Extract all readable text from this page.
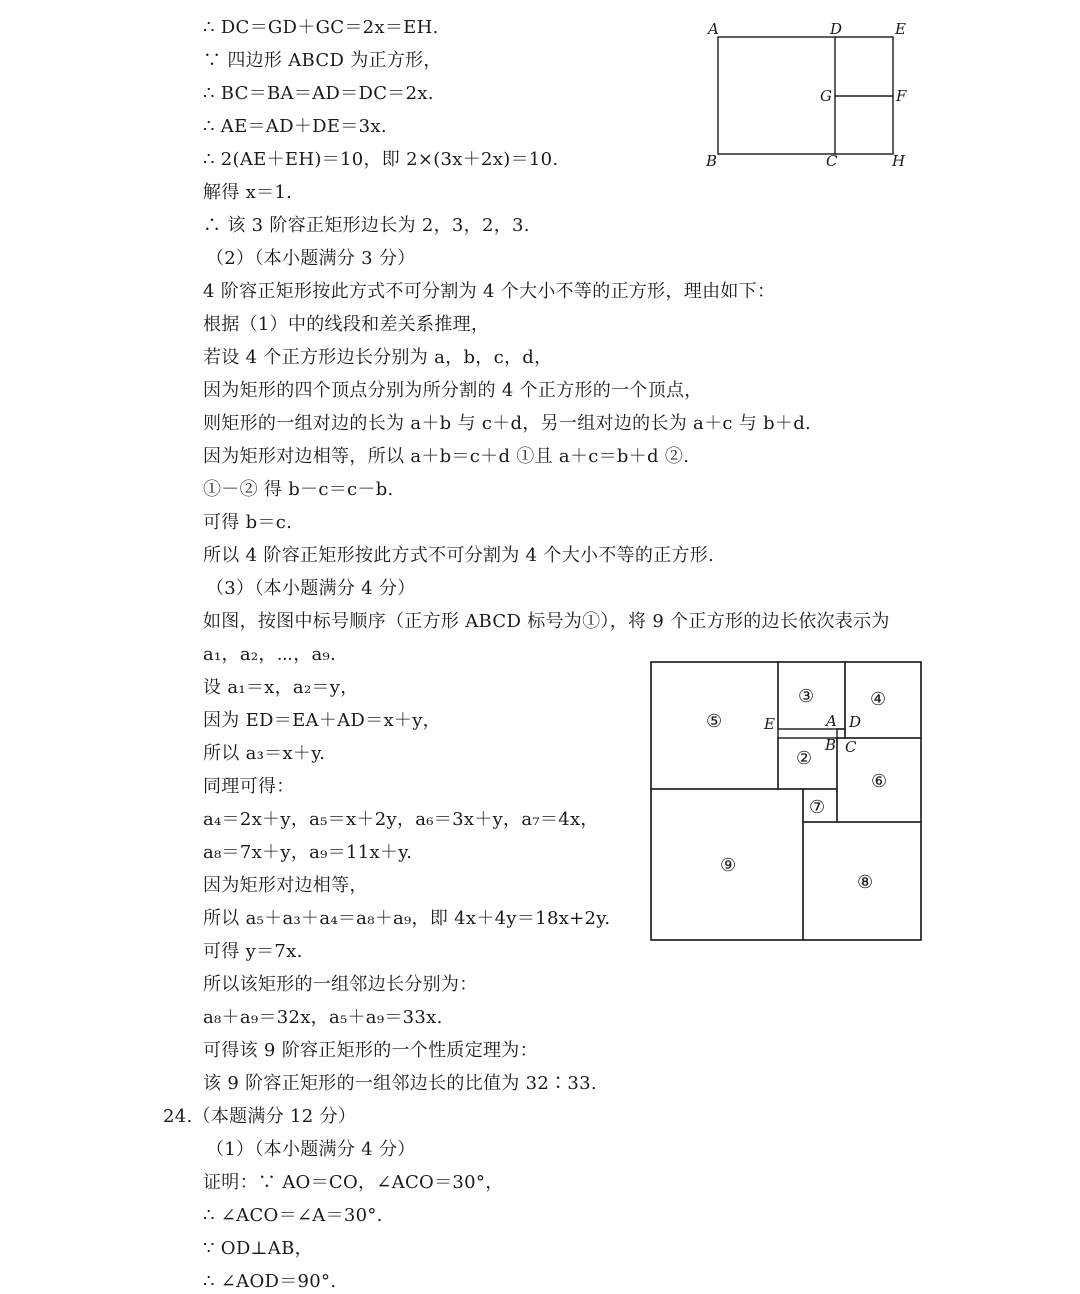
∴ DC＝GD＋GC＝2x＝EH.
∵ 四边形 ABCD 为正方形，
∴ BC＝BA＝AD＝DC＝2x.
∴ AE＝AD＋DE＝3x.
∴ 2(AE＋EH)＝10，即 2×(3x＋2x)＝10.
解得 x＝1.
∴ 该 3 阶容正矩形边长为 2，3，2，3.
（2）（本小题满分 3 分）
4 阶容正矩形按此方式不可分割为 4 个大小不等的正方形，理由如下：
根据（1）中的线段和差关系推理，
若设 4 个正方形边长分别为 a，b，c，d，
因为矩形的四个顶点分别为所分割的 4 个正方形的一个顶点，
则矩形的一组对边的长为 a＋b 与 c＋d，另一组对边的长为 a＋c 与 b＋d.
因为矩形对边相等，所以 a＋b＝c＋d ①且 a＋c＝b＋d ②.
①－② 得 b－c＝c－b.
可得 b＝c.
所以 4 阶容正矩形按此方式不可分割为 4 个大小不等的正方形.
（3）（本小题满分 4 分）
如图，按图中标号顺序（正方形 ABCD 标号为①），将 9 个正方形的边长依次表示为
a₁，a₂，⋯，a₉.
设 a₁＝x，a₂＝y，
因为 ED＝EA＋AD＝x＋y，
所以 a₃＝x＋y.
同理可得：
a₄＝2x＋y，a₅＝x＋2y，a₆＝3x＋y，a₇＝4x，
a₈＝7x＋y，a₉＝11x＋y.
因为矩形对边相等，
所以 a₅＋a₃＋a₄＝a₈＋a₉，即 4x＋4y＝18x+2y.
可得 y＝7x.
所以该矩形的一组邻边长分别为：
a₈＋a₉＝32x，a₅＋a₉＝33x.
可得该 9 阶容正矩形的一个性质定理为：
该 9 阶容正矩形的一组邻边长的比值为 32∶33.
24.（本题满分 12 分）
（1）（本小题满分 4 分）
证明：∵ AO＝CO，∠ACO＝30°，
∴ ∠ACO＝∠A＝30°.
∵ OD⊥AB，
∴ ∠AOD＝90°.
A	D	E
G	F
B	C	H
⑤
③	④
②
⑥
⑦
⑨
⑧
E	A D
B C
